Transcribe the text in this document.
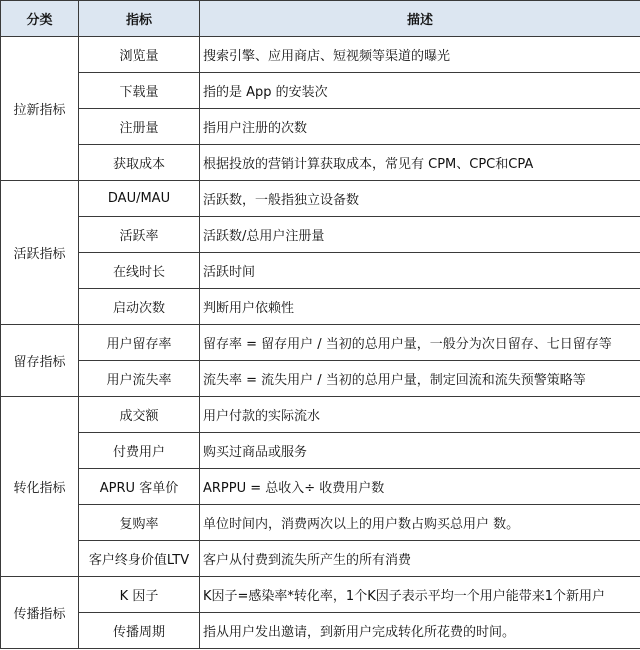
分类	指标	描述
拉新指标	浏览量	搜索引擎、应用商店、短视频等渠道的曝光
	下载量	指的是 App 的安装次
	注册量	指用户注册的次数
	获取成本	根据投放的营销计算获取成本，常见有 CPM、CPC和CPA
活跃指标	DAU/MAU	活跃数，一般指独立设备数
	活跃率	活跃数/总用户注册量
	在线时长	活跃时间
	启动次数	判断用户依赖性
留存指标	用户留存率	留存率 = 留存用户 / 当初的总用户量，一般分为次日留存、七日留存等
	用户流失率	流失率 = 流失用户 / 当初的总用户量，制定回流和流失预警策略等
转化指标	成交额	用户付款的实际流水
	付费用户	购买过商品或服务
	APRU 客单价	ARPPU = 总收入÷ 收费用户数
	复购率	单位时间内，消费两次以上的用户数占购买总用户 数。
	客户终身价值LTV	客户从付费到流失所产生的所有消费
传播指标	K 因子	K因子=感染率*转化率，1个K因子表示平均一个用户能带来1个新用户
	传播周期	指从用户发出邀请，到新用户完成转化所花费的时间。
